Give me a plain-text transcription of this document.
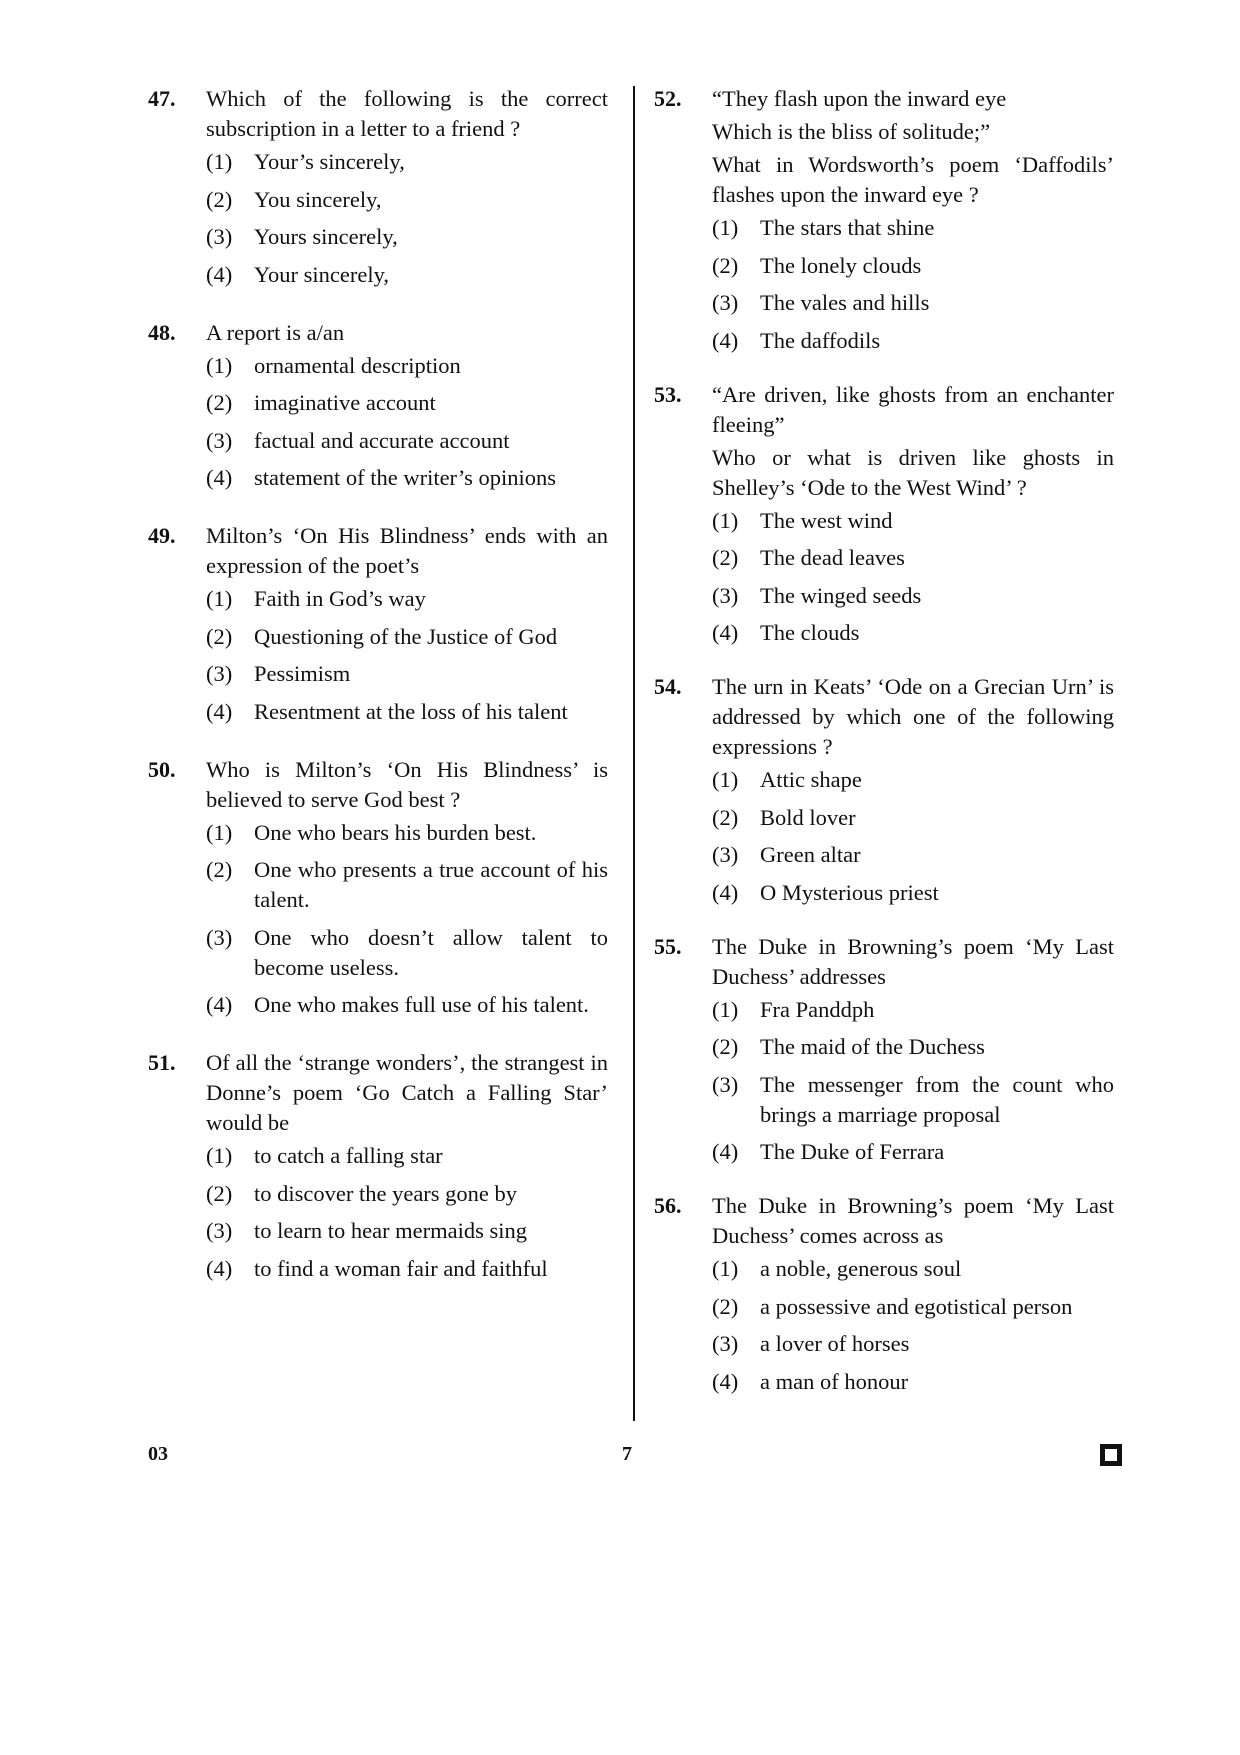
47. Which of the following is the correct subscription in a letter to a friend ?

(1) Your’s sincerely,
(2) You sincerely,
(3) Yours sincerely,
(4) Your sincerely,
48. A report is a/an

(1) ornamental description
(2) imaginative account
(3) factual and accurate account
(4) statement of the writer’s opinions
49. Milton’s ‘On His Blindness’ ends with an expression of the poet’s

(1) Faith in God’s way
(2) Questioning of the Justice of God
(3) Pessimism
(4) Resentment at the loss of his talent
50. Who is Milton’s ‘On His Blindness’ is believed to serve God best ?

(1) One who bears his burden best.
(2) One who presents a true account of his talent.
(3) One who doesn’t allow talent to become useless.
(4) One who makes full use of his talent.
51. Of all the ‘strange wonders’, the strangest in Donne’s poem ‘Go Catch a Falling Star’ would be

(1) to catch a falling star
(2) to discover the years gone by
(3) to learn to hear mermaids sing
(4) to find a woman fair and faithful
52. “They flash upon the inward eye
Which is the bliss of solitude;”
What in Wordsworth’s poem ‘Daffodils’ flashes upon the inward eye ?

(1) The stars that shine
(2) The lonely clouds
(3) The vales and hills
(4) The daffodils
53. “Are driven, like ghosts from an enchanter fleeing”
Who or what is driven like ghosts in Shelley’s ‘Ode to the West Wind’ ?

(1) The west wind
(2) The dead leaves
(3) The winged seeds
(4) The clouds
54. The urn in Keats’ ‘Ode on a Grecian Urn’ is addressed by which one of the following expressions ?

(1) Attic shape
(2) Bold lover
(3) Green altar
(4) O Mysterious priest
55. The Duke in Browning’s poem ‘My Last Duchess’ addresses

(1) Fra Panddph
(2) The maid of the Duchess
(3) The messenger from the count who brings a marriage proposal
(4) The Duke of Ferrara
56. The Duke in Browning’s poem ‘My Last Duchess’ comes across as

(1) a noble, generous soul
(2) a possessive and egotistical person
(3) a lover of horses
(4) a man of honour
03	7
